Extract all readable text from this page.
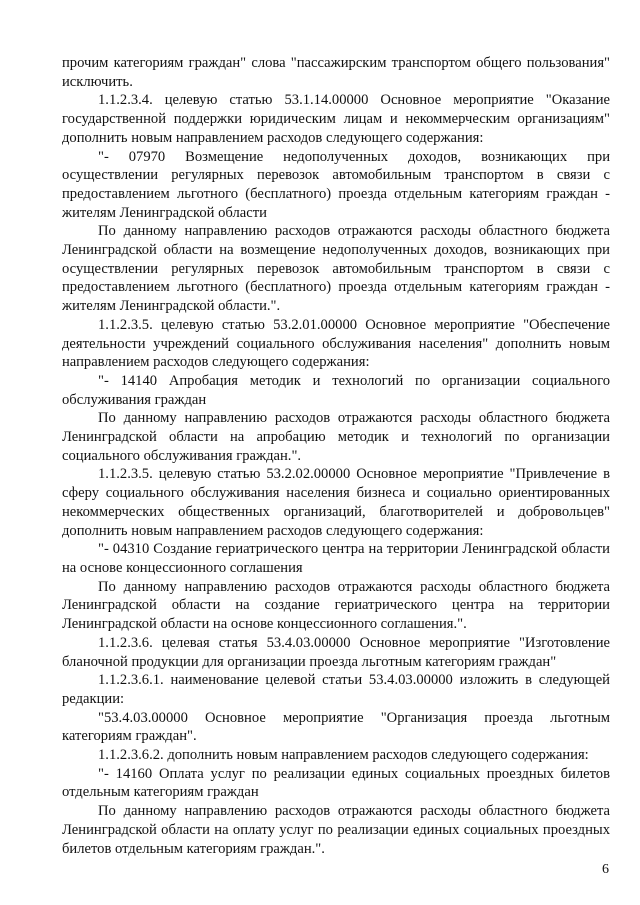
прочим категориям граждан" слова "пассажирским транспортом общего пользования" исключить.

1.1.2.3.4. целевую статью 53.1.14.00000 Основное мероприятие "Оказание государственной поддержки юридическим лицам и некоммерческим организациям" дополнить новым направлением расходов следующего содержания:

"- 07970 Возмещение недополученных доходов, возникающих при осуществлении регулярных перевозок автомобильным транспортом в связи с предоставлением льготного (бесплатного) проезда отдельным категориям граждан - жителям Ленинградской области

По данному направлению расходов отражаются расходы областного бюджета Ленинградской области на возмещение недополученных доходов, возникающих при осуществлении регулярных перевозок автомобильным транспортом в связи с предоставлением льготного (бесплатного) проезда отдельным категориям граждан - жителям Ленинградской области.".

1.1.2.3.5. целевую статью 53.2.01.00000 Основное мероприятие "Обеспечение деятельности учреждений социального обслуживания населения" дополнить новым направлением расходов следующего содержания:

"- 14140 Апробация методик и технологий по организации социального обслуживания граждан

По данному направлению расходов отражаются расходы областного бюджета Ленинградской области на апробацию методик и технологий по организации социального обслуживания граждан.".

1.1.2.3.5. целевую статью 53.2.02.00000 Основное мероприятие "Привлечение в сферу социального обслуживания населения бизнеса и социально ориентированных некоммерческих общественных организаций, благотворителей и добровольцев" дополнить новым направлением расходов следующего содержания:

"- 04310 Создание гериатрического центра на территории Ленинградской области на основе концессионного соглашения

По данному направлению расходов отражаются расходы областного бюджета Ленинградской области на создание гериатрического центра на территории Ленинградской области на основе концессионного соглашения.".

1.1.2.3.6. целевая статья 53.4.03.00000 Основное мероприятие "Изготовление бланочной продукции для организации проезда льготным категориям граждан"

1.1.2.3.6.1. наименование целевой статьи 53.4.03.00000 изложить в следующей редакции:

"53.4.03.00000 Основное мероприятие "Организация проезда льготным категориям граждан".

1.1.2.3.6.2. дополнить новым направлением расходов следующего содержания:

"- 14160 Оплата услуг по реализации единых социальных проездных билетов отдельным категориям граждан

По данному направлению расходов отражаются расходы областного бюджета Ленинградской области на оплату услуг по реализации единых социальных проездных билетов отдельным категориям граждан.".

6
